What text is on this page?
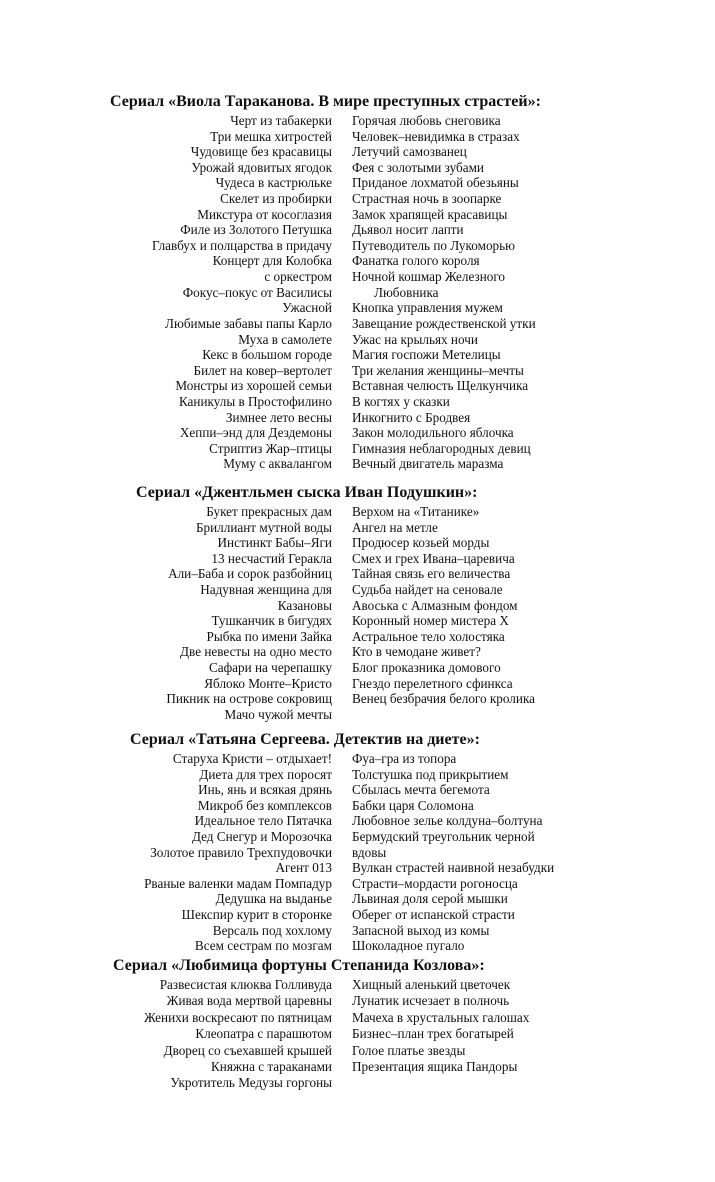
Сериал «Виола Тараканова. В мире преступных страстей»:
Черт из табакерки
Три мешка хитростей
Чудовище без красавицы
Урожай ядовитых ягодок
Чудеса в кастрюльке
Скелет из пробирки
Микстура от косоглазия
Филе из Золотого Петушка
Главбух и полцарства в придачу
Концерт для Колобка
с оркестром
Фокус–покус от Василисы
Ужасной
Любимые забавы папы Карло
Муха в самолете
Кекс в большом городе
Билет на ковер–вертолет
Монстры из хорошей семьи
Каникулы в Простофилино
Зимнее лето весны
Хеппи–энд для Дездемоны
Стриптиз Жар–птицы
Муму с аквалангом
Горячая любовь снеговика
Человек–невидимка в стразах
Летучий самозванец
Фея с золотыми зубами
Приданое лохматой обезьяны
Страстная ночь в зоопарке
Замок храпящей красавицы
Дьявол носит лапти
Путеводитель по Лукоморью
Фанатка голого короля
Ночной кошмар Железного
Любовника
Кнопка управления мужем
Завещание рождественской утки
Ужас на крыльях ночи
Магия госпожи Метелицы
Три желания женщины–мечты
Вставная челюсть Щелкунчика
В когтях у сказки
Инкогнито с Бродвея
Закон молодильного яблочка
Гимназия неблагородных девиц
Вечный двигатель маразма
Сериал «Джентльмен сыска Иван Подушкин»:
Букет прекрасных дам
Бриллиант мутной воды
Инстинкт Бабы–Яги
13 несчастий Геракла
Али–Баба и сорок разбойниц
Надувная женщина для
Казановы
Тушканчик в бигудях
Рыбка по имени Зайка
Две невесты на одно место
Сафари на черепашку
Яблоко Монте–Кристо
Пикник на острове сокровищ
Мачо чужой мечты
Верхом на «Титанике»
Ангел на метле
Продюсер козьей морды
Смех и грех Ивана–царевича
Тайная связь его величества
Судьба найдет на сеновале
Авоська с Алмазным фондом
Коронный номер мистера Х
Астральное тело холостяка
Кто в чемодане живет?
Блог проказника домового
Гнездо перелетного сфинкса
Венец безбрачия белого кролика
Сериал «Татьяна Сергеева. Детектив на диете»:
Старуха Кристи – отдыхает!
Диета для трех поросят
Инь, янь и всякая дрянь
Микроб без комплексов
Идеальное тело Пятачка
Дед Снегур и Морозочка
Золотое правило Трехпудовочки
Агент 013
Рваные валенки мадам Помпадур
Дедушка на выданье
Шекспир курит в сторонке
Версаль под хохлому
Всем сестрам по мозгам
Фуа–гра из топора
Толстушка под прикрытием
Сбылась мечта бегемота
Бабки царя Соломона
Любовное зелье колдуна–болтуна
Бермудский треугольник черной
вдовы
Вулкан страстей наивной незабудки
Страсти–мордасти рогоносца
Львиная доля серой мышки
Оберег от испанской страсти
Запасной выход из комы
Шоколадное пугало
Сериал «Любимица фортуны Степанида Козлова»:
Развесистая клюква Голливуда
Живая вода мертвой царевны
Женихи воскресают по пятницам
Клеопатра с парашютом
Дворец со съехавшей крышей
Княжна с тараканами
Укротитель Медузы горгоны
Хищный аленький цветочек
Лунатик исчезает в полночь
Мачеха в хрустальных галошах
Бизнес–план трех богатырей
Голое платье звезды
Презентация ящика Пандоры
